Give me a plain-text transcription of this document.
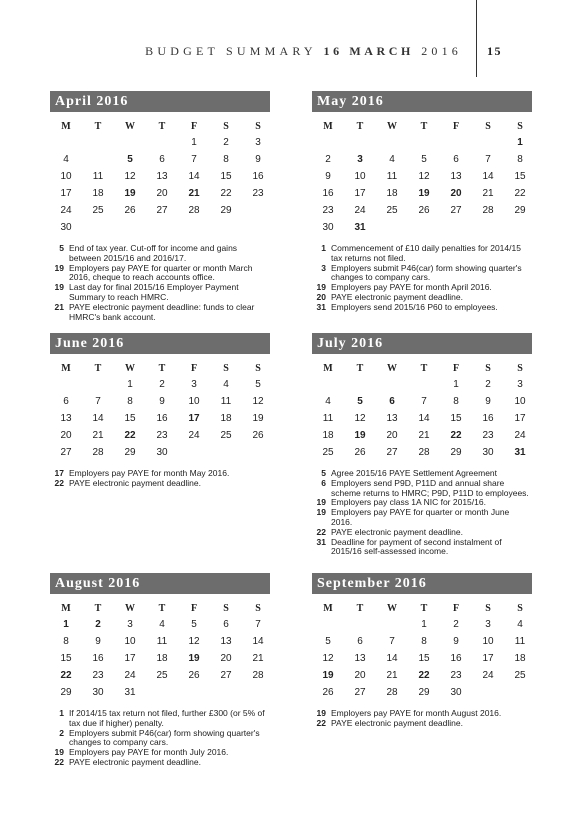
BUDGET SUMMARY 16 MARCH 2016 15
April 2016
M	T	W	T	F	S	S
				1	2	3
4		5	6	7	8	9
10	11	12	13	14	15	16
17	18	19	20	21	22	23
24	25	26	27	28	29	
30						
5 End of tax year. Cut-off for income and gains between 2015/16 and 2016/17.
19 Employers pay PAYE for quarter or month March 2016, cheque to reach accounts office.
19 Last day for final 2015/16 Employer Payment Summary to reach HMRC.
21 PAYE electronic payment deadline: funds to clear HMRC's bank account.
May 2016
M	T	W	T	F	S	S
						1
2	3	4	5	6	7	8
9	10	11	12	13	14	15
16	17	18	19	20	21	22
23	24	25	26	27	28	29
30	31					
1 Commencement of £10 daily penalties for 2014/15 tax returns not filed.
3 Employers submit P46(car) form showing quarter's changes to company cars.
19 Employers pay PAYE for month April 2016.
20 PAYE electronic payment deadline.
31 Employers send 2015/16 P60 to employees.
June 2016
M	T	W	T	F	S	S
		1	2	3	4	5
6	7	8	9	10	11	12
13	14	15	16	17	18	19
20	21	22	23	24	25	26
27	28	29	30			
17 Employers pay PAYE for month May 2016.
22 PAYE electronic payment deadline.
July 2016
M	T	W	T	F	S	S
				1	2	3
4	5	6	7	8	9	10
11	12	13	14	15	16	17
18	19	20	21	22	23	24
25	26	27	28	29	30	31
5 Agree 2015/16 PAYE Settlement Agreement
6 Employers send P9D, P11D and annual share scheme returns to HMRC; P9D, P11D to employees.
19 Employers pay class 1A NIC for 2015/16.
19 Employers pay PAYE for quarter or month June 2016.
22 PAYE electronic payment deadline.
31 Deadline for payment of second instalment of 2015/16 self-assessed income.
August 2016
M	T	W	T	F	S	S
1	2	3	4	5	6	7
8	9	10	11	12	13	14
15	16	17	18	19	20	21
22	23	24	25	26	27	28
29	30	31				
1 If 2014/15 tax return not filed, further £300 (or 5% of tax due if higher) penalty.
2 Employers submit P46(car) form showing quarter's changes to company cars.
19 Employers pay PAYE for month July 2016.
22 PAYE electronic payment deadline.
September 2016
M	T	W	T	F	S	S
			1	2	3	4
5	6	7	8	9	10	11
12	13	14	15	16	17	18
19	20	21	22	23	24	25
26	27	28	29	30		
19 Employers pay PAYE for month August 2016.
22 PAYE electronic payment deadline.
